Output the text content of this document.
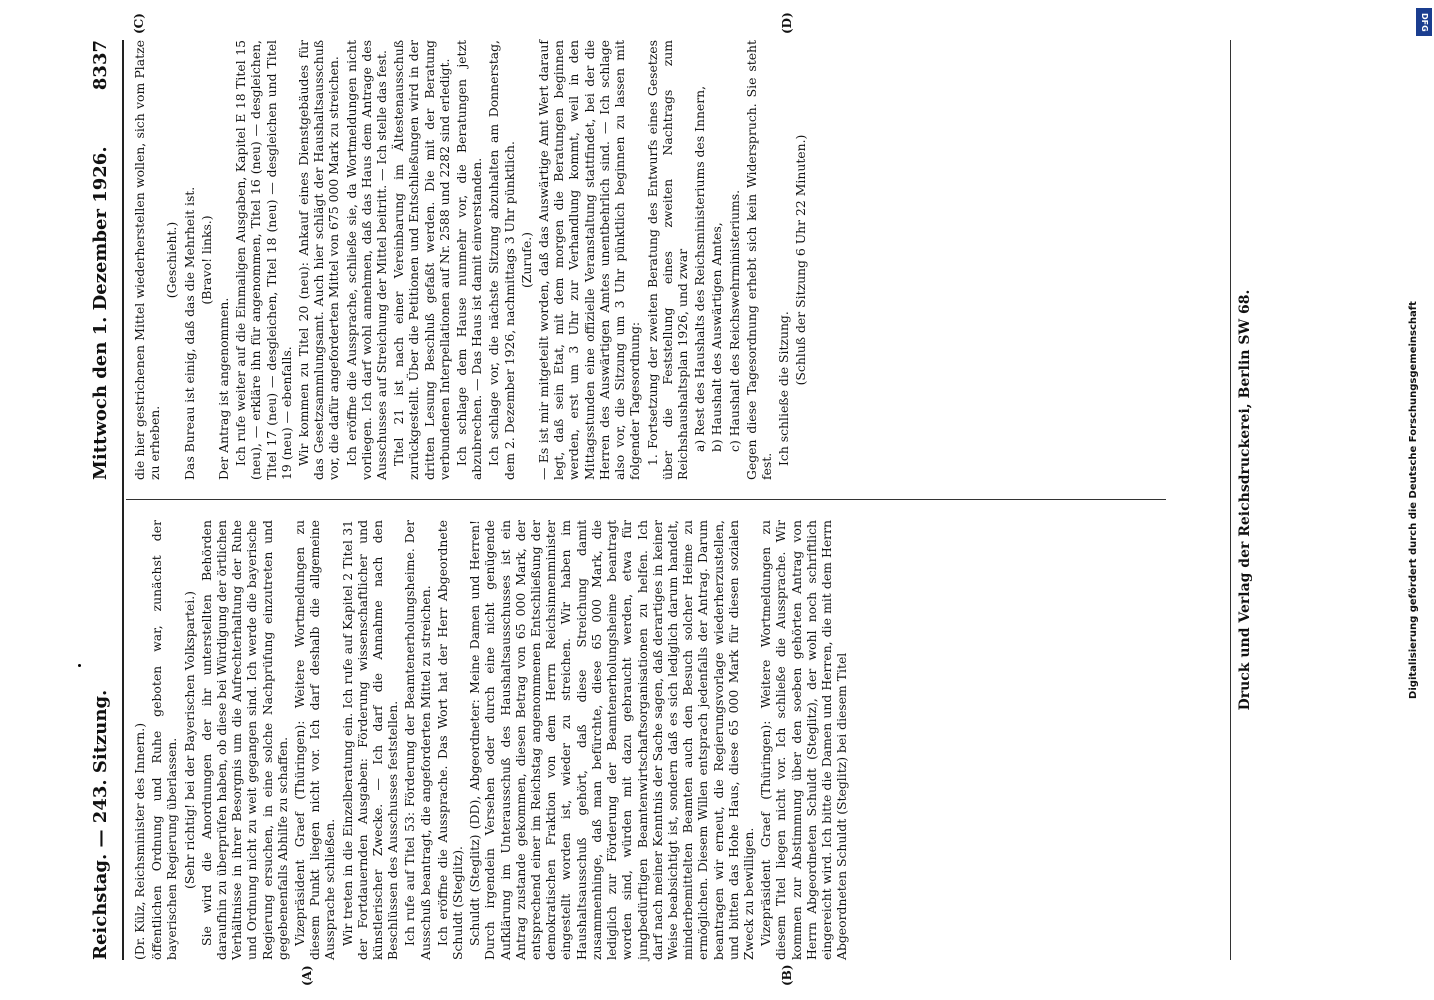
Reichstag. — 243. Sitzung.
Mittwoch den 1. Dezember 1926.
8337
(A)	(B)
(C)	(D)

(Dr. Külz, Reichsminister des Innern.) öffentlichen Ordnung und Ruhe geboten war, zunächst der bayerischen Regierung überlassen. (Sehr richtig! bei der Bayerischen Volkspartei.) Sie wird die Anordnungen der ihr unterstellten Behörden daraufhin zu überprüfen haben, ob diese bei Würdigung der örtlichen Verhältnisse in ihrer Besorgnis um die Aufrechterhaltung der Ruhe und Ordnung nicht zu weit gegangen sind. Ich werde die bayerische Regierung ersuchen, in eine solche Nachprüfung einzutreten und gegebenenfalls Abhilfe zu schaffen. Vizepräsident Graef (Thüringen): Weitere Wortmeldungen zu diesem Punkt liegen nicht vor. Ich darf deshalb die allgemeine Aussprache schließen. Wir treten in die Einzelberatung ein. Ich rufe auf Kapitel 2 Titel 31 der Fortdauernden Ausgaben: Förderung wissenschaftlicher und künstlerischer Zwecke. — Ich darf die Annahme nach den Beschlüssen des Ausschusses feststellen. Ich rufe auf Titel 53: Förderung der Beamtenerholungsheime. Der Ausschuß beantragt, die angeforderten Mittel zu streichen. Ich eröffne die Aussprache. Das Wort hat der Herr Abgeordnete Schuldt (Steglitz). Schuldt (Steglitz) (DD), Abgeordneter: Meine Damen und Herren! Durch irgendein Versehen oder durch eine nicht genügende Aufklärung im Unterausschuß des Haushaltsausschusses ist ein Antrag zustande gekommen, diesen Betrag von 65 000 Mark, der entsprechend einer im Reichstag angenommenen Entschließung der demokratischen Fraktion von dem Herrn Reichsinnenminister eingestellt worden ist, wieder zu streichen. Wir haben im Haushaltsausschuß gehört, daß diese Streichung damit zusammenhinge, daß man befürchte, diese 65 000 Mark, die lediglich zur Förderung der Beamtenerholungsheime beantragt worden sind, würden mit dazu gebraucht werden, etwa für jungbedürftigen Beamtenwirtschaftsorganisationen zu helfen. Ich darf nach meiner Kenntnis der Sache sagen, daß derartiges in keiner Weise beabsichtigt ist, sondern daß es sich lediglich darum handelt, minderbemittelten Beamten auch den Besuch solcher Heime zu ermöglichen. Diesem Willen entsprach jedenfalls der Antrag. Darum beantragen wir erneut, die Regierungsvorlage wiederherzustellen, und bitten das Hohe Haus, diese 65 000 Mark für diesen sozialen Zweck zu bewilligen. Vizepräsident Graef (Thüringen): Weitere Wortmeldungen zu diesem Titel liegen nicht vor. Ich schließe die Aussprache. Wir kommen zur Abstimmung über den soeben gehörten Antrag von Herrn Abgeordneten Schuldt (Steglitz), der wohl noch schriftlich eingereicht wird. Ich bitte die Damen und Herren, die mit dem Herrn Abgeordneten Schuldt (Steglitz) bei diesem Titel

die hier gestrichenen Mittel wiederherstellen wollen, sich vom Platze zu erheben.

(Geschieht.) Das Bureau ist einig, daß das die Mehrheit ist. (Bravo! links.)

Der Antrag ist angenommen. Ich rufe weiter auf die Einmaligen Ausgaben, Kapitel E 18 Titel 15 (neu), — erkläre ihn für angenommen, Titel 16 (neu) — desgleichen, Titel 17 (neu) — desgleichen, Titel 18 (neu) — desgleichen und Titel 19 (neu) — ebenfalls. Wir kommen zu Titel 20 (neu): Ankauf eines Dienstgebäudes für das Gesetzsammlungsamt. Auch hier schlägt der Haushaltsausschuß vor, die dafür angeforderten Mittel von 675 000 Mark zu streichen. Ich eröffne die Aussprache, schließe sie, da Wortmeldungen nicht vorliegen. Ich darf wohl annehmen, daß das Haus dem Antrage des Ausschusses auf Streichung der Mittel beitritt. — Ich stelle das fest. Titel 21 ist nach einer Vereinbarung im Ältestenausschuß zurückgestellt. Über die Petitionen und Entschließungen wird in der dritten Lesung Beschluß gefaßt werden. Die mit der Beratung verbundenen Interpellationen auf Nr. 2588 und 2282 sind erledigt. Ich schlage dem Hause nunmehr vor, die Beratungen jetzt abzubrechen. — Das Haus ist damit einverstanden. Ich schlage vor, die nächste Sitzung abzuhalten am Donnerstag, dem 2. Dezember 1926, nachmittags 3 Uhr pünktlich. (Zurufe.) — Es ist mir mitgeteilt worden, daß das Auswärtige Amt Wert darauf legt, daß sein Etat, mit dem morgen die Beratungen beginnen werden, erst um 3 Uhr zur Verhandlung kommt, weil in den Mittagsstunden eine offizielle Veranstaltung stattfindet, bei der die Herren des Auswärtigen Amtes unentbehrlich sind. — Ich schlage also vor, die Sitzung um 3 Uhr pünktlich beginnen zu lassen mit folgender Tagesordnung: 1. Fortsetzung der zweiten Beratung des Entwurfs eines Gesetzes über die Feststellung eines zweiten Nachtrags zum Reichshaushaltsplan 1926, und zwar a) Rest des Haushalts des Reichsministeriums des Innern, b) Haushalt des Auswärtigen Amtes, c) Haushalt des Reichswehrministeriums. Gegen diese Tagesordnung erhebt sich kein Widerspruch. Sie steht fest.

Ich schließe die Sitzung.

(Schluß der Sitzung 6 Uhr 22 Minuten.)

Druck und Verlag der Reichsdruckerei, Berlin SW 68.	Digitalisierung gefördert durch die Deutsche Forschungsgemeinschaft
DFG
